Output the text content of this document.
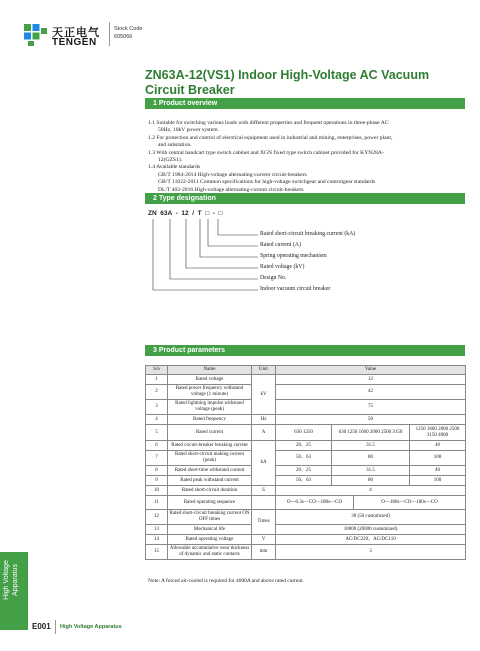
天正电气
TENGEN
Stock Code
605066
ZN63A-12(VS1) Indoor High-Voltage AC Vacuum
Circuit Breaker
1 Product overview
1.1 Suitable for switching various loads with different properties and frequent operations in three-phase AC
50Hz, 10kV power system.
1.2 For protection and control of electrical equipment used in industrial and mining, enterprises, power plant,
and substation.
1.3 With central handcart type switch cabinet and XGN fixed type switch cabinet provided for KYN28A-
12(GZS1).
1.4 Available standards
GB/T 1984-2014 High-voltage alternating-current circuit-breakers
GB/T 11022-2011 Common specifications for high-voltage switchgear and controlgear standards
DL/T 402-2016 High-voltage alternating-current circuit-breakers
2 Type designation
ZN  63A  -  12  /  T  □  -  □
Rated short-circuit breaking current (kA)
Rated current (A)
Spring operating mechanism
Rated voltage (kV)
Design No.
Indoor vacuum circuit breaker
3 Product parameters
S/n	Name	Unit	Value			
1	Rated voltage	kV	12			
2	Rated power frequency withstand voltage (1 minute)		42			
3	Rated lightning impulse withstand voltage (peak)		75			
4	Rated frequency	Hz	50			
5	Rated current	A	630 1250	630 1250 1600 2000 2500 3150		1250 1600 2000 2500 3150 4000
6	Rated circuit-breaker breaking current	kA	20、25	31.5		40
7	Rated short-circuit making current (peak)		50、63	80		100
8	Rated short-time withstand current		20、25	31.5		40
9	Rated peak withstand current		50、63	80		100
10	Rated short-circuit duration	S	4			
11	Rated operating sequence		O—0.3s—CO—180s—CO		O—180s—CO—180s—CO	
12	Rated short-circuit breaking current ON OFF times	Times	30 (50 customized)			
13	Mechanical life		10000 (20000 customized)			
14	Rated operating voltage	V	AC/DC220、AC/DC110			
15	Allowable accumulative wear thickness of dynamic and static contacts	mm	3			
Note: A forced air-cooled is required for 4000A and above rated current.
High Voltage Apparatus
E001 High Voltage Apparatus
